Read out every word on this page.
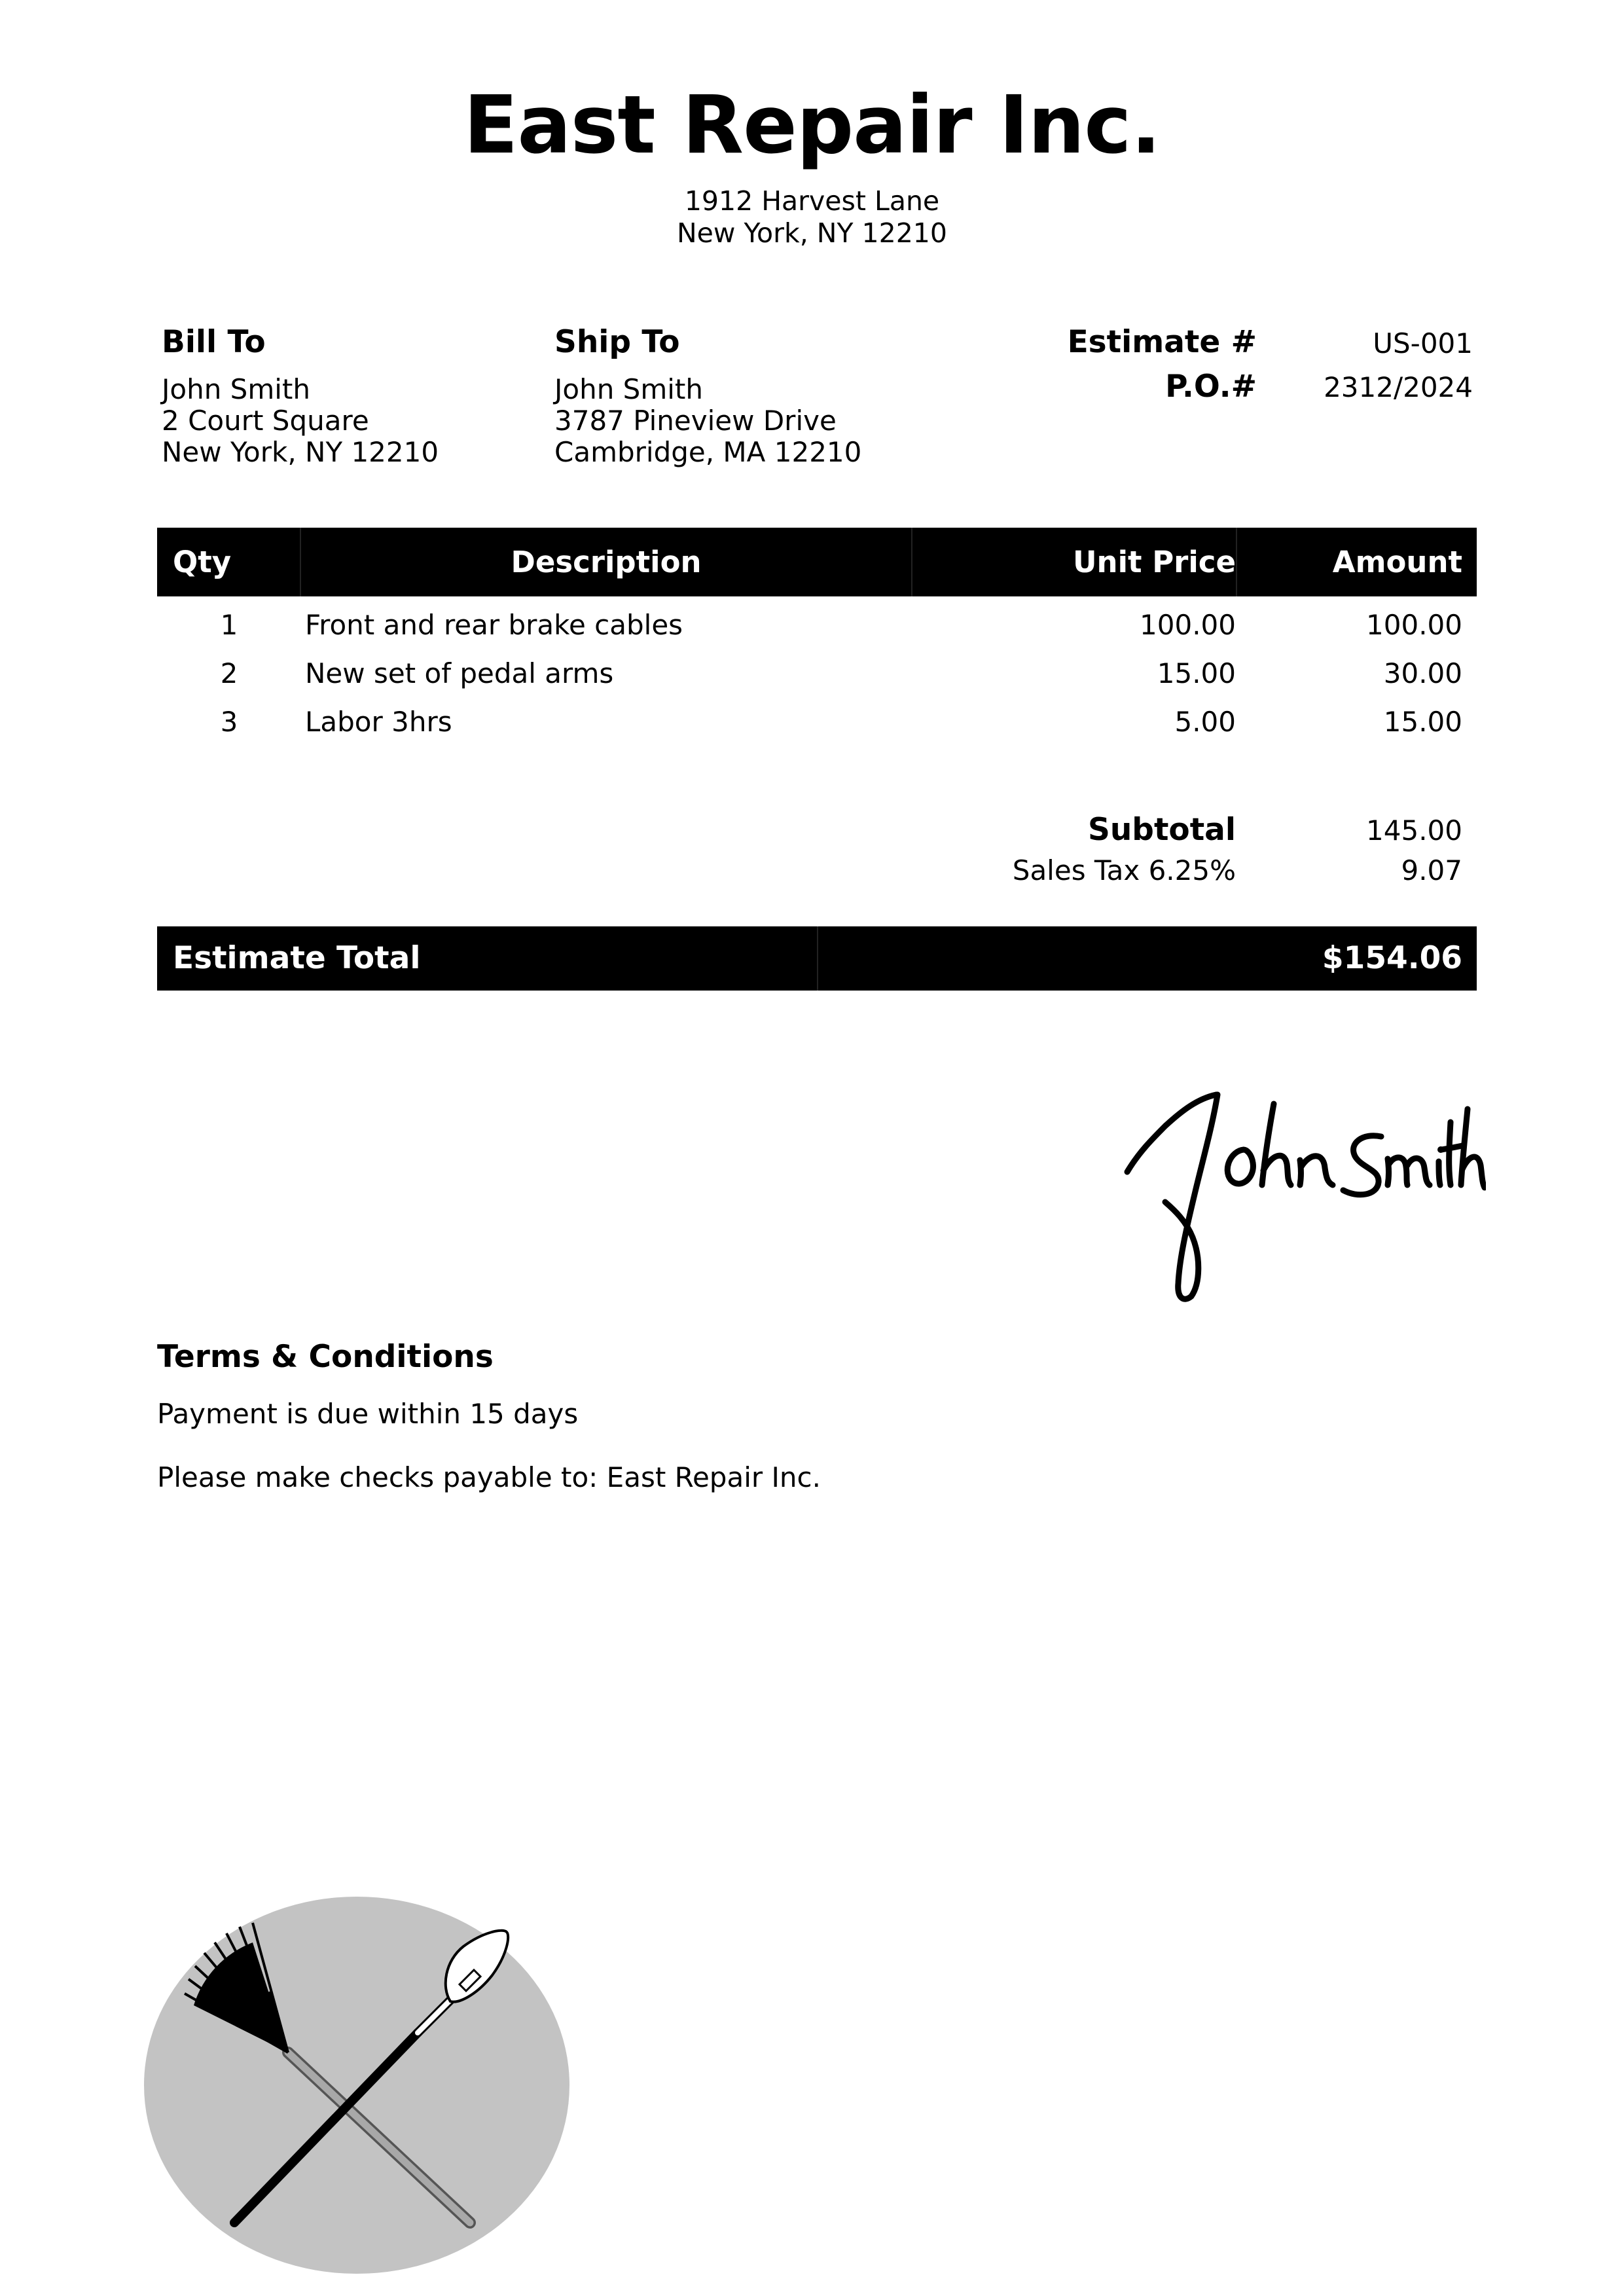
East Repair Inc.
1912 Harvest Lane
New York, NY 12210
Bill To
John Smith
2 Court Square
New York, NY 12210
Ship To
John Smith
3787 Pineview Drive
Cambridge, MA 12210
Estimate #	US-001
P.O.#	2312/2024
Qty	Description	Unit Price	Amount
1	Front and rear brake cables	100.00	100.00
2	New set of pedal arms	15.00	30.00
3	Labor 3hrs	5.00	15.00
Subtotal	145.00
Sales Tax 6.25%	9.07
Estimate Total	$154.06
Terms & Conditions
Payment is due within 15 days
Please make checks payable to: East Repair Inc.
